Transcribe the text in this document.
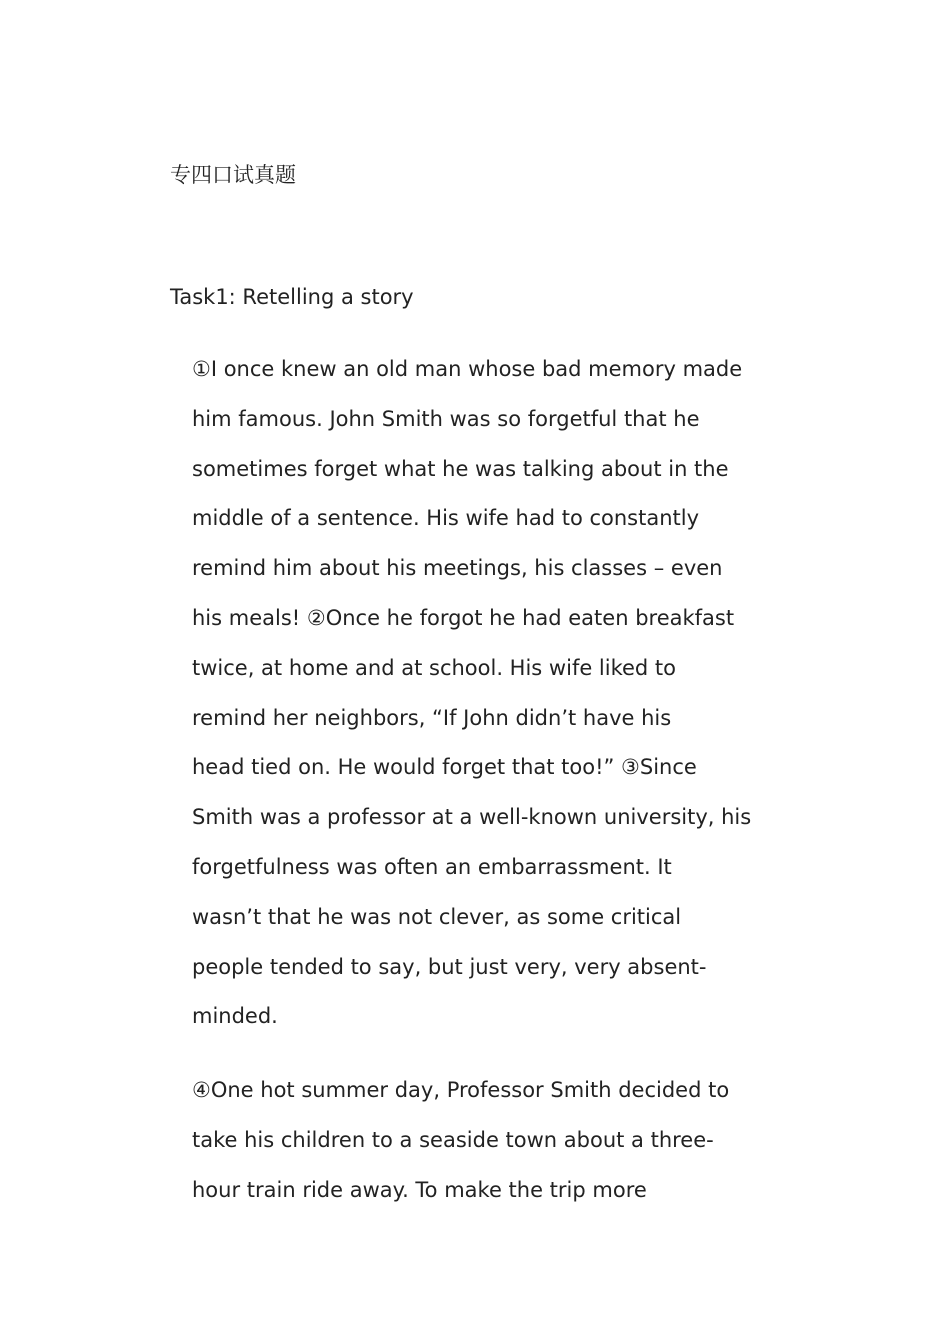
专四口试真题
Task1: Retelling a story

①I once knew an old man whose bad memory made
him famous. John Smith was so forgetful that he
sometimes forget what he was talking about in the
middle of a sentence. His wife had to constantly
remind him about his meetings, his classes – even
his meals! ②Once he forgot he had eaten breakfast
twice, at home and at school. His wife liked to
remind her neighbors, “If John didn’t have his
head tied on. He would forget that too!” ③Since
Smith was a professor at a well-known university, his
forgetfulness was often an embarrassment. It
wasn’t that he was not clever, as some critical
people tended to say, but just very, very absent-
minded.

④One hot summer day, Professor Smith decided to
take his children to a seaside town about a three-
hour train ride away. To make the trip more
